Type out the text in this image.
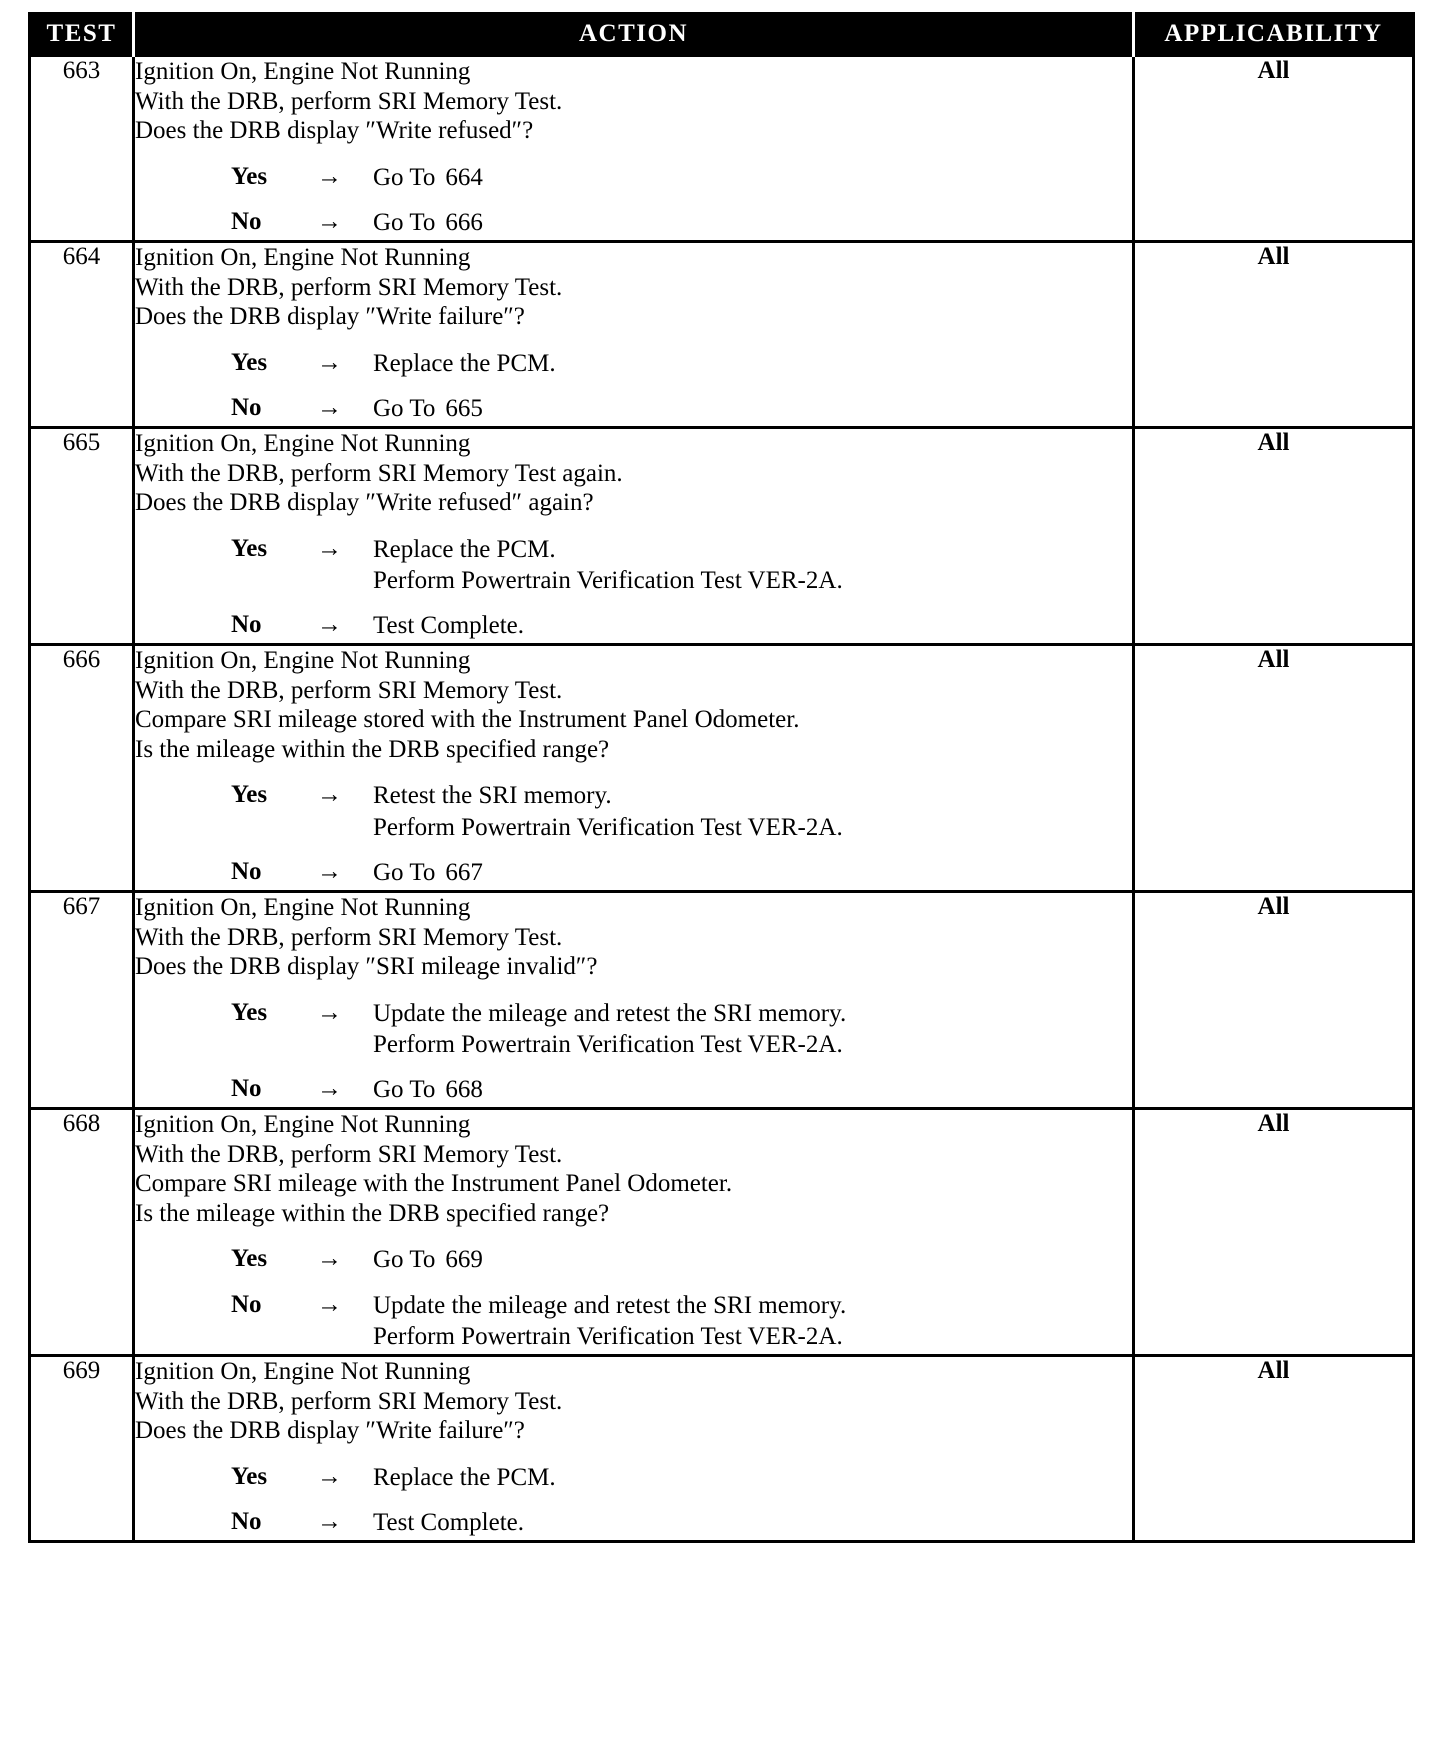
TEST	ACTION	APPLICABILITY
663	Ignition On, Engine Not Running
With the DRB, perform SRI Memory Test.
Does the DRB display ″Write refused″?
Yes	→	Go To 664
No	→	Go To 666
	All
664	Ignition On, Engine Not Running
With the DRB, perform SRI Memory Test.
Does the DRB display ″Write failure″?
Yes	→	Replace the PCM.
No	→	Go To 665
	All
665	Ignition On, Engine Not Running
With the DRB, perform SRI Memory Test again.
Does the DRB display ″Write refused″ again?
Yes	→	Replace the PCM.
Perform Powertrain Verification Test VER-2A.
No	→	Test Complete.
	All
666	Ignition On, Engine Not Running
With the DRB, perform SRI Memory Test.
Compare SRI mileage stored with the Instrument Panel Odometer.
Is the mileage within the DRB specified range?
Yes	→	Retest the SRI memory.
Perform Powertrain Verification Test VER-2A.
No	→	Go To 667
	All
667	Ignition On, Engine Not Running
With the DRB, perform SRI Memory Test.
Does the DRB display ″SRI mileage invalid″?
Yes	→	Update the mileage and retest the SRI memory.
Perform Powertrain Verification Test VER-2A.
No	→	Go To 668
	All
668	Ignition On, Engine Not Running
With the DRB, perform SRI Memory Test.
Compare SRI mileage with the Instrument Panel Odometer.
Is the mileage within the DRB specified range?
Yes	→	Go To 669
No	→	Update the mileage and retest the SRI memory.
Perform Powertrain Verification Test VER-2A.
	All
669	Ignition On, Engine Not Running
With the DRB, perform SRI Memory Test.
Does the DRB display ″Write failure″?
Yes	→	Replace the PCM.
No	→	Test Complete.
	All
